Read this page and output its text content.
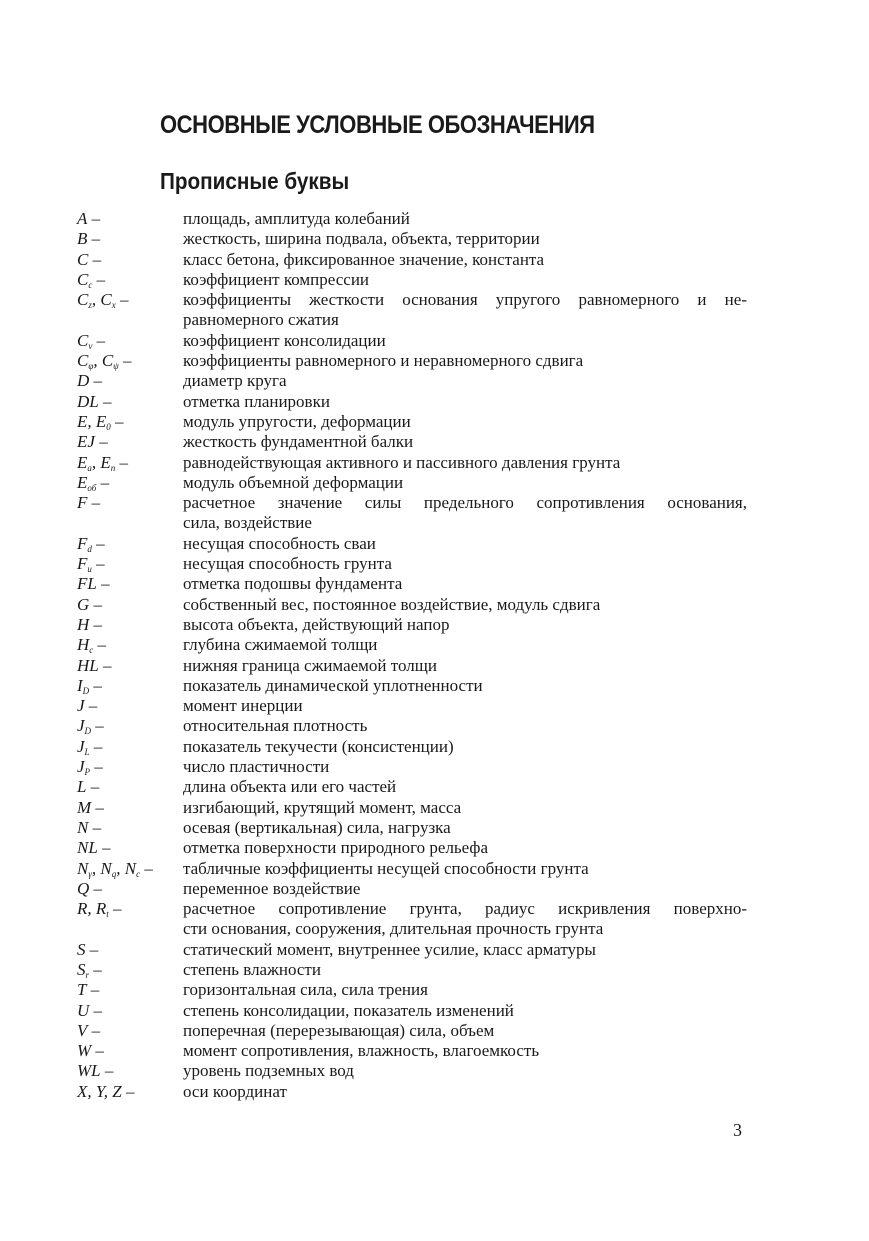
ОСНОВНЫЕ УСЛОВНЫЕ ОБОЗНАЧЕНИЯ
Прописные буквы
A –	площадь, амплитуда колебаний
B –	жесткость, ширина подвала, объекта, территории
C –	класс бетона, фиксированное значение, константа
$C_c$ –	коэффициент компрессии
$C_z$, $C_x$ –	коэффициенты жесткости основания упругого равномерного и не-
равномерного сжатия
$C_v$ –	коэффициент консолидации
$C_\varphi$, $C_\psi$ –	коэффициенты равномерного и неравномерного сдвига
D –	диаметр круга
DL –	отметка планировки
E, $E_0$ –	модуль упругости, деформации
EJ –	жесткость фундаментной балки
$E_а$, $E_п$ –	равнодействующая активного и пассивного давления грунта
$E_{об}$ –	модуль объемной деформации
F –	расчетное значение силы предельного сопротивления основания,
сила, воздействие
$F_d$ –	несущая способность сваи
$F_u$ –	несущая способность грунта
FL –	отметка подошвы фундамента
G –	собственный вес, постоянное воздействие, модуль сдвига
H –	высота объекта, действующий напор
$H_c$ –	глубина сжимаемой толщи
HL –	нижняя граница сжимаемой толщи
$I_D$ –	показатель динамической уплотненности
J –	момент инерции
$J_D$ –	относительная плотность
$J_L$ –	показатель текучести (консистенции)
$J_P$ –	число пластичности
L –	длина объекта или его частей
M –	изгибающий, крутящий момент, масса
N –	осевая (вертикальная) сила, нагрузка
NL –	отметка поверхности природного рельефа
$N_\gamma$, $N_q$, $N_c$ –	табличные коэффициенты несущей способности грунта
Q –	переменное воздействие
R, $R_t$ –	расчетное сопротивление грунта, радиус искривления поверхно-
сти основания, сооружения, длительная прочность грунта
S –	статический момент, внутреннее усилие, класс арматуры
$S_r$ –	степень влажности
T –	горизонтальная сила, сила трения
U –	степень консолидации, показатель изменений
V –	поперечная (перерезывающая) сила, объем
W –	момент сопротивления, влажность, влагоемкость
WL –	уровень подземных вод
X, Y, Z –	оси координат
3
